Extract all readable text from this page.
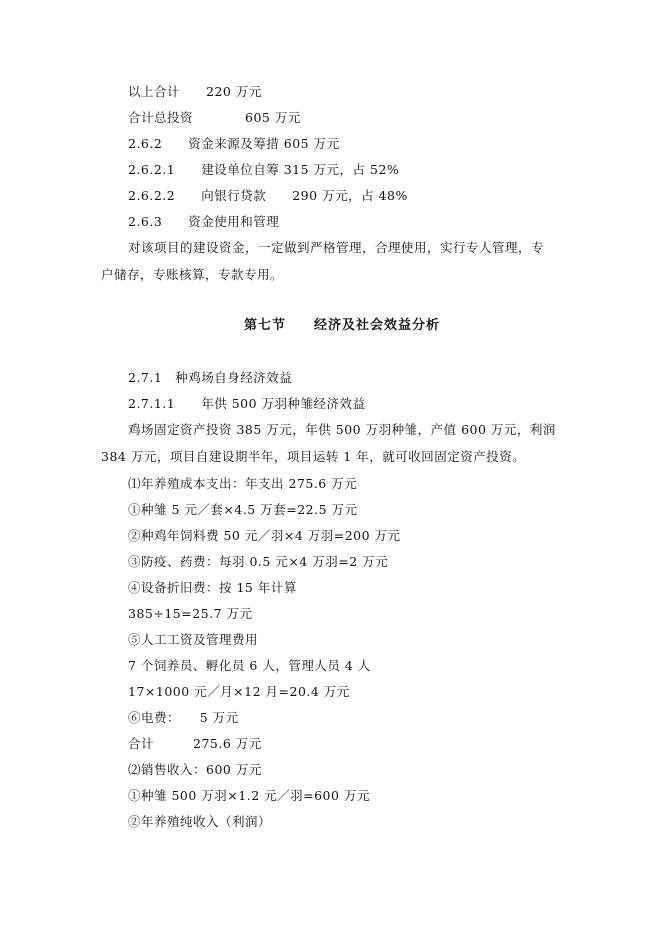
以上合计　　220 万元
合计总投资　　　　605 万元
2.6.2　　资金来源及筹措 605 万元
2.6.2.1　　建设单位自筹 315 万元，占 52%
2.6.2.2　　向银行贷款　　290 万元，占 48%
2.6.3　　资金使用和管理
对该项目的建设资金，一定做到严格管理，合理使用，实行专人管理，专
户储存，专账核算，专款专用。
第七节　　经济及社会效益分析
2.7.1　种鸡场自身经济效益
2.7.1.1　　年供 500 万羽种雏经济效益
鸡场固定资产投资 385 万元，年供 500 万羽种雏，产值 600 万元，利润
384 万元，项目自建设期半年，项目运转 1 年，就可收回固定资产投资。
⑴年养殖成本支出：年支出 275.6 万元
①种雏 5 元／套×4.5 万套=22.5 万元
②种鸡年饲料费 50 元／羽×4 万羽=200 万元
③防疫、药费：每羽 0.5 元×4 万羽=2 万元
④设备折旧费：按 15 年计算
385÷15=25.7 万元
⑤人工工资及管理费用
7 个饲养员、孵化员 6 人，管理人员 4 人
17×1000 元／月×12 月=20.4 万元
⑥电费：　　5 万元
合计　　　275.6 万元
⑵销售收入：600 万元
①种雏 500 万羽×1.2 元／羽=600 万元
②年养殖纯收入（利润）
